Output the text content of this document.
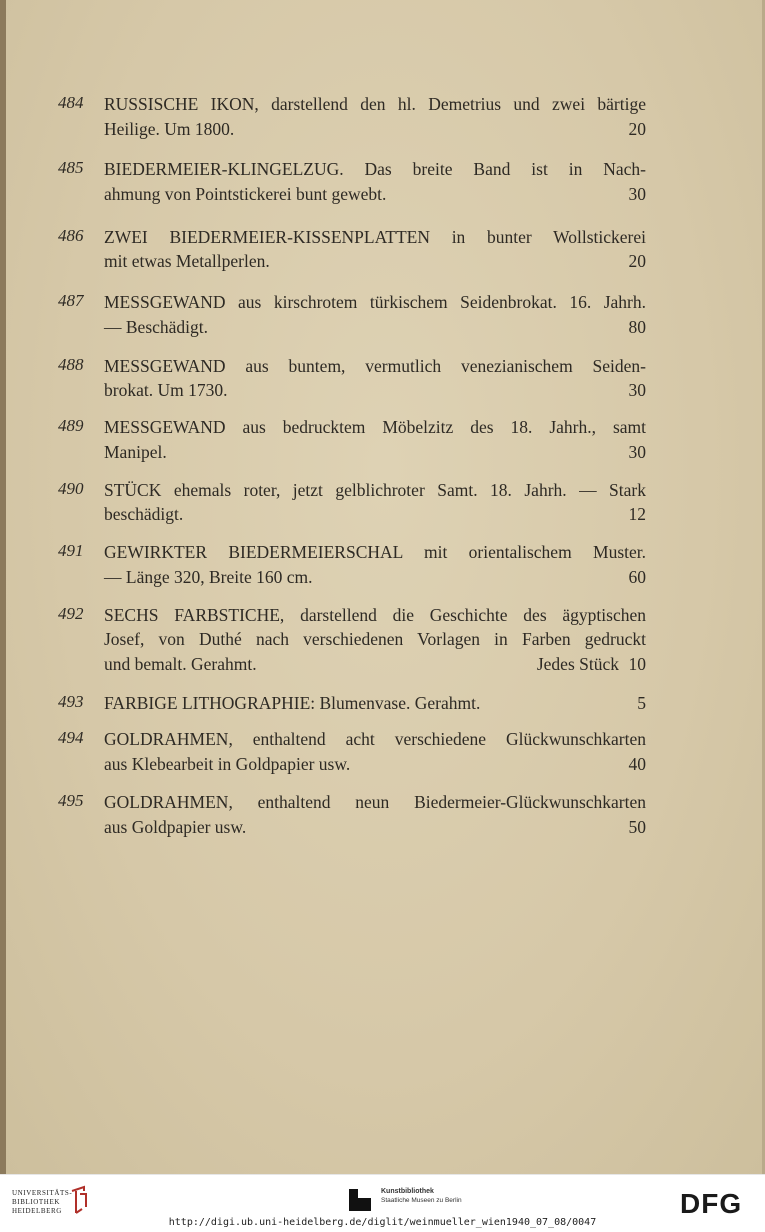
484 RUSSISCHE IKON, darstellend den hl. Demetrius und zwei bärtige
Heilige. Um 1800.	20
485 BIEDERMEIER-KLINGELZUG. Das breite Band ist in Nach-
ahmung von Pointstickerei bunt gewebt.	30
486 ZWEI BIEDERMEIER-KISSENPLATTEN in bunter Wollstickerei
mit etwas Metallperlen.	20
487 MESSGEWAND aus kirschrotem türkischem Seidenbrokat. 16. Jahrh.
— Beschädigt.	80
488 MESSGEWAND aus buntem, vermutlich venezianischem Seiden-
brokat. Um 1730.	30
489 MESSGEWAND aus bedrucktem Möbelzitz des 18. Jahrh., samt
Manipel.	30
490 STÜCK ehemals roter, jetzt gelblichroter Samt. 18. Jahrh. — Stark
beschädigt.	12
491 GEWIRKTER BIEDERMEIERSCHAL mit orientalischem Muster.
— Länge 320, Breite 160 cm.	60
492 SECHS FARBSTICHE, darstellend die Geschichte des ägyptischen
Josef, von Duthé nach verschiedenen Vorlagen in Farben gedruckt
und bemalt. Gerahmt.	Jedes Stück 10
493 FARBIGE LITHOGRAPHIE: Blumenvase. Gerahmt.	5
494 GOLDRAHMEN, enthaltend acht verschiedene Glückwunschkarten
aus Klebearbeit in Goldpapier usw.	40
495 GOLDRAHMEN, enthaltend neun Biedermeier-Glückwunschkarten
aus Goldpapier usw.	50
UNIVERSITÄTS-
BIBLIOTHEK
HEIDELBERG
Kunstbibliothek
Staatliche Museen zu Berlin	DFG
http://digi.ub.uni-heidelberg.de/diglit/weinmueller_wien1940_07_08/0047
